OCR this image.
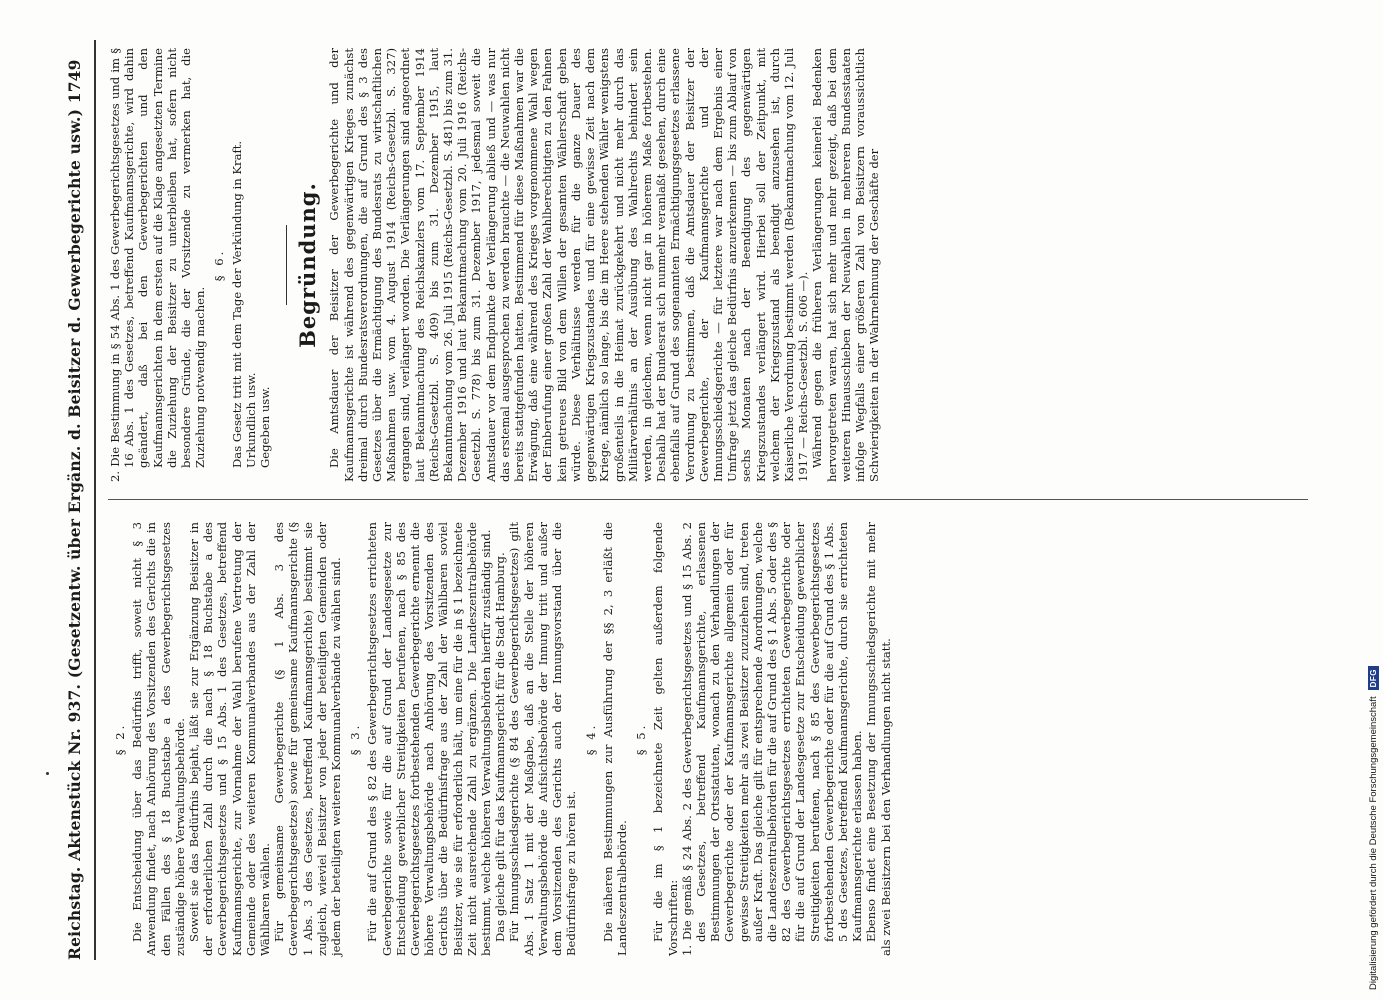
Reichstag. Aktenstück Nr. 937. (Gesetzentw. über Ergänz. d. Beisitzer d. Gewerbegerichte usw.) 1749	§ 2. Die Entscheidung über das Bedürfnis trifft, soweit nicht § 3 Anwendung findet, nach Anhörung des Vorsitzenden des Gerichts die in den Fällen des § 18 Buchstabe a des Gewerbegerichtsgesetzes zuständige höhere Verwaltungsbehörde. Soweit sie das Bedürfnis bejaht, läßt sie zur Ergänzung Beisitzer in der erforderlichen Zahl durch die nach § 18 Buchstabe a des Gewerbegerichtsgesetzes und § 15 Abs. 1 des Gesetzes, betreffend Kaufmannsgerichte, zur Vornahme der Wahl berufene Vertretung der Gemeinde oder des weiteren Kommunalverbandes aus der Zahl der Wählbaren wählen. Für gemeinsame Gewerbegerichte (§ 1 Abs. 3 des Gewerbegerichtsgesetzes) sowie für gemeinsame Kaufmannsgerichte (§ 1 Abs. 3 des Gesetzes, betreffend Kaufmannsgerichte) bestimmt sie zugleich, wieviel Beisitzer von jeder der beteiligten Gemeinden oder jedem der beteiligten weiteren Kommunalverbände zu wählen sind. § 3. Für die auf Grund des § 82 des Gewerbegerichtsgesetzes errichteten Gewerbegerichte sowie für die auf Grund der Landesgesetze zur Entscheidung gewerblicher Streitigkeiten berufenen, nach § 85 des Gewerbegerichtsgesetzes fortbestehenden Gewerbegerichte ernennt die höhere Verwaltungsbehörde nach Anhörung des Vorsitzenden des Gerichts über die Bedürfnisfrage aus der Zahl der Wählbaren soviel Beisitzer, wie sie für erforderlich hält, um eine für die in § 1 bezeichnete Zeit nicht ausreichende Zahl zu ergänzen. Die Landeszentralbehörde bestimmt, welche höheren Verwaltungsbehörden hierfür zuständig sind. Das gleiche gilt für das Kaufmannsgericht für die Stadt Hamburg. Für Innungsschiedsgerichte (§ 84 des Gewerbegerichtsgesetzes) gilt Abs. 1 Satz 1 mit der Maßgabe, daß an die Stelle der höheren Verwaltungsbehörde die Aufsichtsbehörde der Innung tritt und außer dem Vorsitzenden des Gerichts auch der Innungsvorstand über die Bedürfnisfrage zu hören ist.

§ 4. Die näheren Bestimmungen zur Ausführung der §§ 2, 3 erläßt die Landeszentralbehörde.

§ 5. Für die im § 1 bezeichnete Zeit gelten außerdem folgende Vorschriften: 1. Die gemäß § 24 Abs. 2 des Gewerbegerichtsgesetzes und § 15 Abs. 2 des Gesetzes, betreffend Kaufmannsgerichte, erlassenen Bestimmungen der Ortsstatuten, wonach zu den Verhandlungen der Gewerbegerichte oder der Kaufmannsgerichte allgemein oder für gewisse Streitigkeiten mehr als zwei Beisitzer zuzuziehen sind, treten außer Kraft. Das gleiche gilt für entsprechende Anordnungen, welche die Landeszentralbehörden für die auf Grund des § 1 Abs. 5 oder des § 82 des Gewerbegerichtsgesetzes errichteten Gewerbegerichte oder für die auf Grund der Landesgesetze zur Entscheidung gewerblicher Streitigkeiten berufenen, nach § 85 des Gewerbegerichtsgesetzes fortbestehenden Gewerbegerichte oder für die auf Grund des § 1 Abs. 5 des Gesetzes, betreffend Kaufmannsgerichte, durch sie errichteten Kaufmannsgerichte erlassen haben. Ebenso findet eine Besetzung der Innungsschiedsgerichte mit mehr als zwei Beisitzern bei den Verhandlungen nicht statt.

2. Die Bestimmung in § 54 Abs. 1 des Gewerbegerichtsgesetzes und im § 16 Abs. 1 des Gesetzes, betreffend Kaufmannsgerichte, wird dahin geändert, daß bei den Gewerbegerichten und den Kaufmannsgerichten in dem ersten auf die Klage angesetzten Termine die Zuziehung der Beisitzer zu unterbleiben hat, sofern nicht besondere Gründe, die der Vorsitzende zu vermerken hat, die Zuziehung notwendig machen.

§ 6. Das Gesetz tritt mit dem Tage der Verkündung in Kraft. Urkundlich usw. Gegeben usw.

Begründung. Die Amtsdauer der Beisitzer der Gewerbegerichte und der Kaufmannsgerichte ist während des gegenwärtigen Krieges zunächst dreimal durch Bundesratsverordnungen, die auf Grund des § 3 des Gesetzes über die Ermächtigung des Bundesrats zu wirtschaftlichen Maßnahmen usw. vom 4. August 1914 (Reichs-Gesetzbl. S. 327) ergangen sind, verlängert worden. Die Verlängerungen sind angeordnet laut Bekanntmachung des Reichskanzlers vom 17. September 1914 (Reichs-Gesetzbl. S. 409) bis zum 31. Dezember 1915, laut Bekanntmachung vom 26. Juli 1915 (Reichs-Gesetzbl. S. 481) bis zum 31. Dezember 1916 und laut Bekanntmachung vom 20. Juli 1916 (Reichs-Gesetzbl. S. 778) bis zum 31. Dezember 1917, jedesmal soweit die Amtsdauer vor dem Endpunkte der Verlängerung abließ und — was nur das erstemal ausgesprochen zu werden brauchte — die Neuwahlen nicht bereits stattgefunden hatten. Bestimmend für diese Maßnahmen war die Erwägung, daß eine während des Krieges vorgenommene Wahl wegen der Einberufung einer großen Zahl der Wahlberechtigten zu den Fahnen kein getreues Bild von dem Willen der gesamten Wählerschaft geben würde. Diese Verhältnisse werden für die ganze Dauer des gegenwärtigen Kriegszustandes und für eine gewisse Zeit nach dem Kriege, nämlich so lange, bis die im Heere stehenden Wähler wenigstens großenteils in die Heimat zurückgekehrt und nicht mehr durch das Militärverhältnis an der Ausübung des Wahlrechts behindert sein werden, in gleichem, wenn nicht gar in höherem Maße fortbestehen. Deshalb hat der Bundesrat sich nunmehr veranlaßt gesehen, durch eine ebenfalls auf Grund des sogenannten Ermächtigungsgesetzes erlassene Verordnung zu bestimmen, daß die Amtsdauer der Beisitzer der Gewerbegerichte, der Kaufmannsgerichte und der Innungsschiedsgerichte — für letztere war nach dem Ergebnis einer Umfrage jetzt das gleiche Bedürfnis anzuerkennen — bis zum Ablauf von sechs Monaten nach der Beendigung des gegenwärtigen Kriegszustandes verlängert wird. Hierbei soll der Zeitpunkt, mit welchem der Kriegszustand als beendigt anzusehen ist, durch Kaiserliche Verordnung bestimmt werden (Bekanntmachung vom 12. Juli 1917 — Reichs-Gesetzbl. S. 606 —). Während gegen die früheren Verlängerungen keinerlei Bedenken hervorgetreten waren, hat sich mehr und mehr gezeigt, daß bei dem weiteren Hinausschieben der Neuwahlen in mehreren Bundesstaaten infolge Wegfalls einer größeren Zahl von Beisitzern voraussichtlich Schwierigkeiten in der Wahrnehmung der Geschäfte der

Digitalisierung gefördert durch die Deutsche Forschungsgemeinschaft
DFG
